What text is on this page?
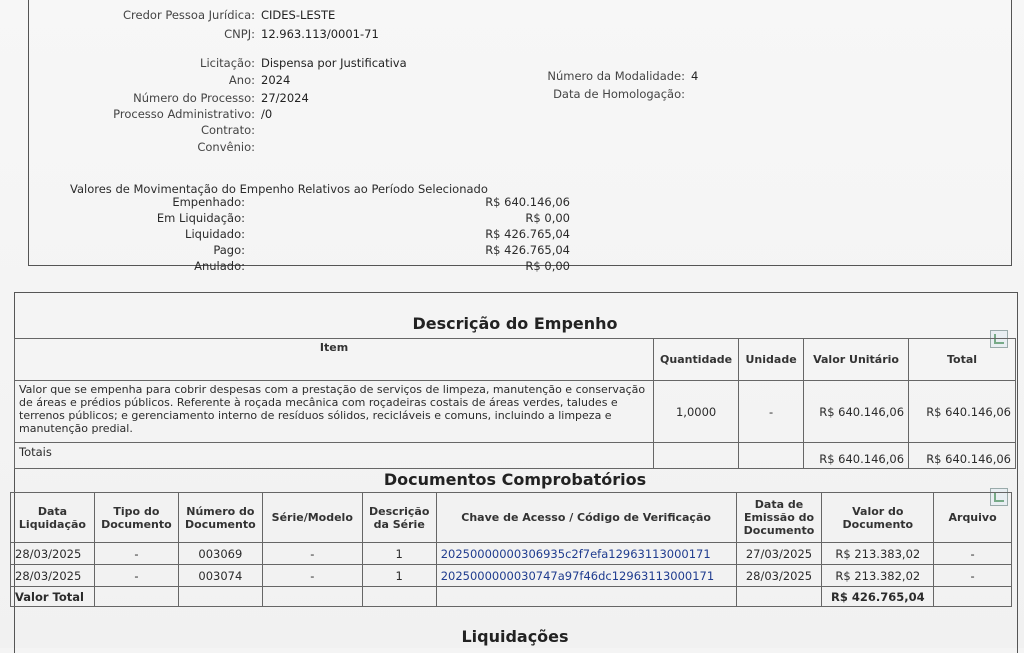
Credor Pessoa Jurídica: CIDES-LESTE
CNPJ: 12.963.113/0001-71
Licitação: Dispensa por Justificativa
Ano: 2024
Número do Processo: 27/2024
Processo Administrativo: /0
Contrato:
Convênio:
Número da Modalidade: 4
Data de Homologação:
Valores de Movimentação do Empenho Relativos ao Período Selecionado
Empenhado:	R$ 640.146,06
Em Liquidação:	R$ 0,00
Liquidado:	R$ 426.765,04
Pago:	R$ 426.765,04
Anulado:	R$ 0,00
Descrição do Empenho
Item	Quantidade	Unidade	Valor Unitário	Total
Valor que se empenha para cobrir despesas com a prestação de serviços de limpeza, manutenção e conservação de áreas e prédios públicos. Referente à roçada mecânica com roçadeiras costais de áreas verdes, taludes e terrenos públicos; e gerenciamento interno de resíduos sólidos, recicláveis e comuns, incluindo a limpeza e manutenção predial.	1,0000	-	R$ 640.146,06	R$ 640.146,06
Totais			R$ 640.146,06	R$ 640.146,06
Documentos Comprobatórios
Data Liquidação	Tipo do Documento	Número do Documento	Série/Modelo	Descrição da Série	Chave de Acesso / Código de Verificação	Data de Emissão do Documento	Valor do Documento	Arquivo
28/03/2025	-	003069	-	1	20250000000306935c2f7efa12963113000171	27/03/2025	R$ 213.383,02	-
28/03/2025	-	003074	-	1	2025000000030747a97f46dc12963113000171	28/03/2025	R$ 213.382,02	-
Valor Total							R$ 426.765,04	
Liquidações
